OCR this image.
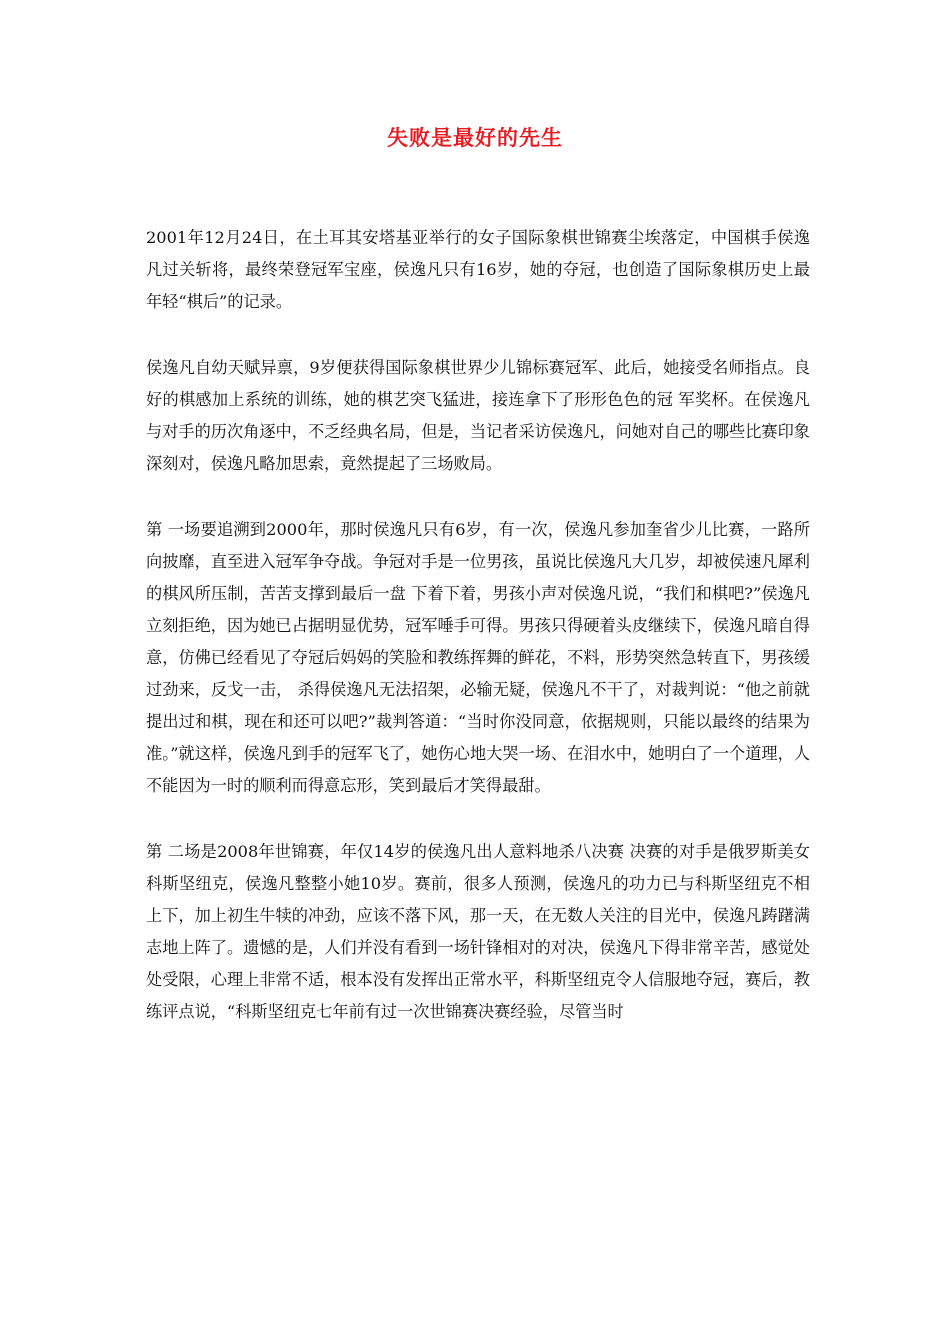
失败是最好的先生

2001年12月24日，在土耳其安塔基亚举行的女子国际象棋世锦赛尘埃落定，中国棋手侯逸凡过关斩将，最终荣登冠军宝座，侯逸凡只有16岁，她的夺冠，也创造了国际象棋历史上最年轻“棋后”的记录。

侯逸凡自幼天赋异禀，9岁便获得国际象棋世界少儿锦标赛冠军、此后，她接受名师指点。良好的棋感加上系统的训练，她的棋艺突飞猛进，接连拿下了形形色色的冠 军奖杯。在侯逸凡与对手的历次角逐中，不乏经典名局，但是，当记者采访侯逸凡，问她对自己的哪些比赛印象深刻对，侯逸凡略加思索，竟然提起了三场败局。

第 一场要追溯到2000年，那时侯逸凡只有6岁，有一次，侯逸凡参加奎省少儿比赛，一路所向披靡，直至进入冠军争夺战。争冠对手是一位男孩，虽说比侯逸凡大几岁，却被侯速凡犀利的棋风所压制，苦苦支撑到最后一盘 下着下着，男孩小声对侯逸凡说，“我们和棋吧?”侯逸凡立刻拒绝，因为她已占据明显优势，冠军唾手可得。男孩只得硬着头皮继续下，侯逸凡暗自得意，仿佛已经看见了夺冠后妈妈的笑脸和教练挥舞的鲜花，不料，形势突然急转直下，男孩缓过劲来，反戈一击， 杀得侯逸凡无法招架，必输无疑，侯逸凡不干了，对裁判说：“他之前就提出过和棋，现在和还可以吧?”裁判答道：“当时你没同意，依据规则，只能以最终的结果为准。”就这样，侯逸凡到手的冠军飞了，她伤心地大哭一场、在泪水中，她明白了一个道理，人不能因为一时的顺利而得意忘形，笑到最后才笑得最甜。

第 二场是2008年世锦赛，年仅14岁的侯逸凡出人意料地杀八决赛 决赛的对手是俄罗斯美女科斯坚纽克，侯逸凡整整小她10岁。赛前，很多人预测，侯逸凡的功力已与科斯坚纽克不相上下，加上初生牛犊的冲劲，应该不落下风，那一天，在无数人关注的目光中，侯逸凡踌躇满志地上阵了。遗憾的是，人们并没有看到一场针锋相对的对决，侯逸凡下得非常辛苦，感觉处处受限，心理上非常不适，根本没有发挥出正常水平，科斯坚纽克令人信服地夺冠，赛后，教练评点说，“科斯坚纽克七年前有过一次世锦赛决赛经验，尽管当时
